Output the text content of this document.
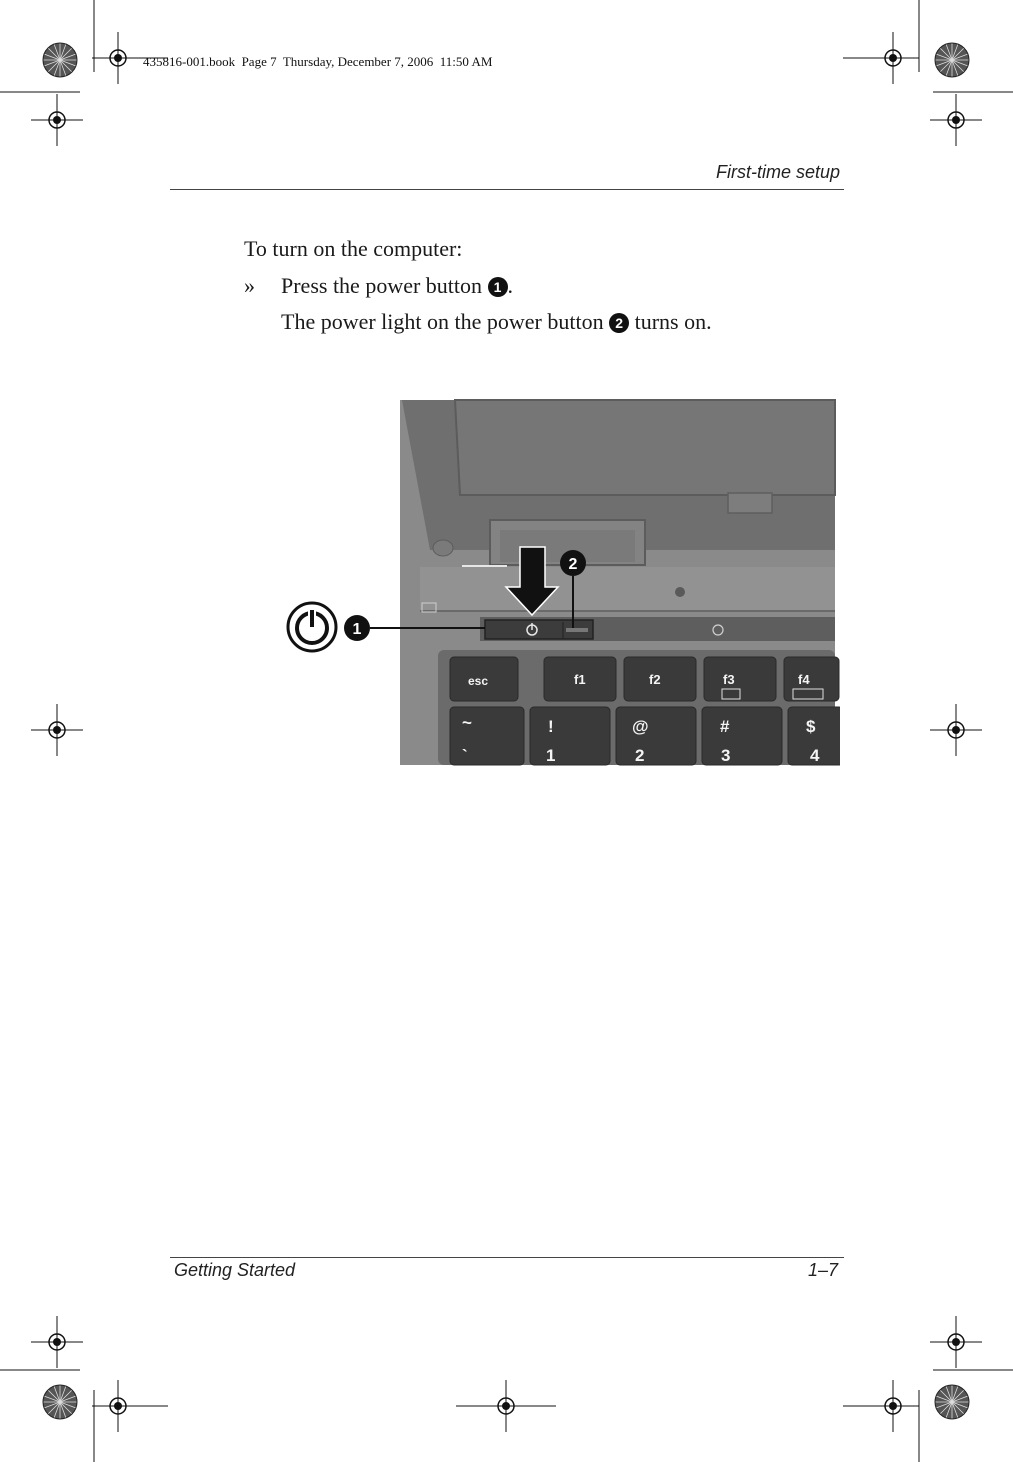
435816-001.book  Page 7  Thursday, December 7, 2006  11:50 AM
First-time setup
To turn on the computer:
» Press the power button 1 .
The power light on the power button 2 turns on.
esc	f1	f2	f3	f4
~
`
!
1
@
2
#
3
$
4
2
1
Getting Started	1–7
